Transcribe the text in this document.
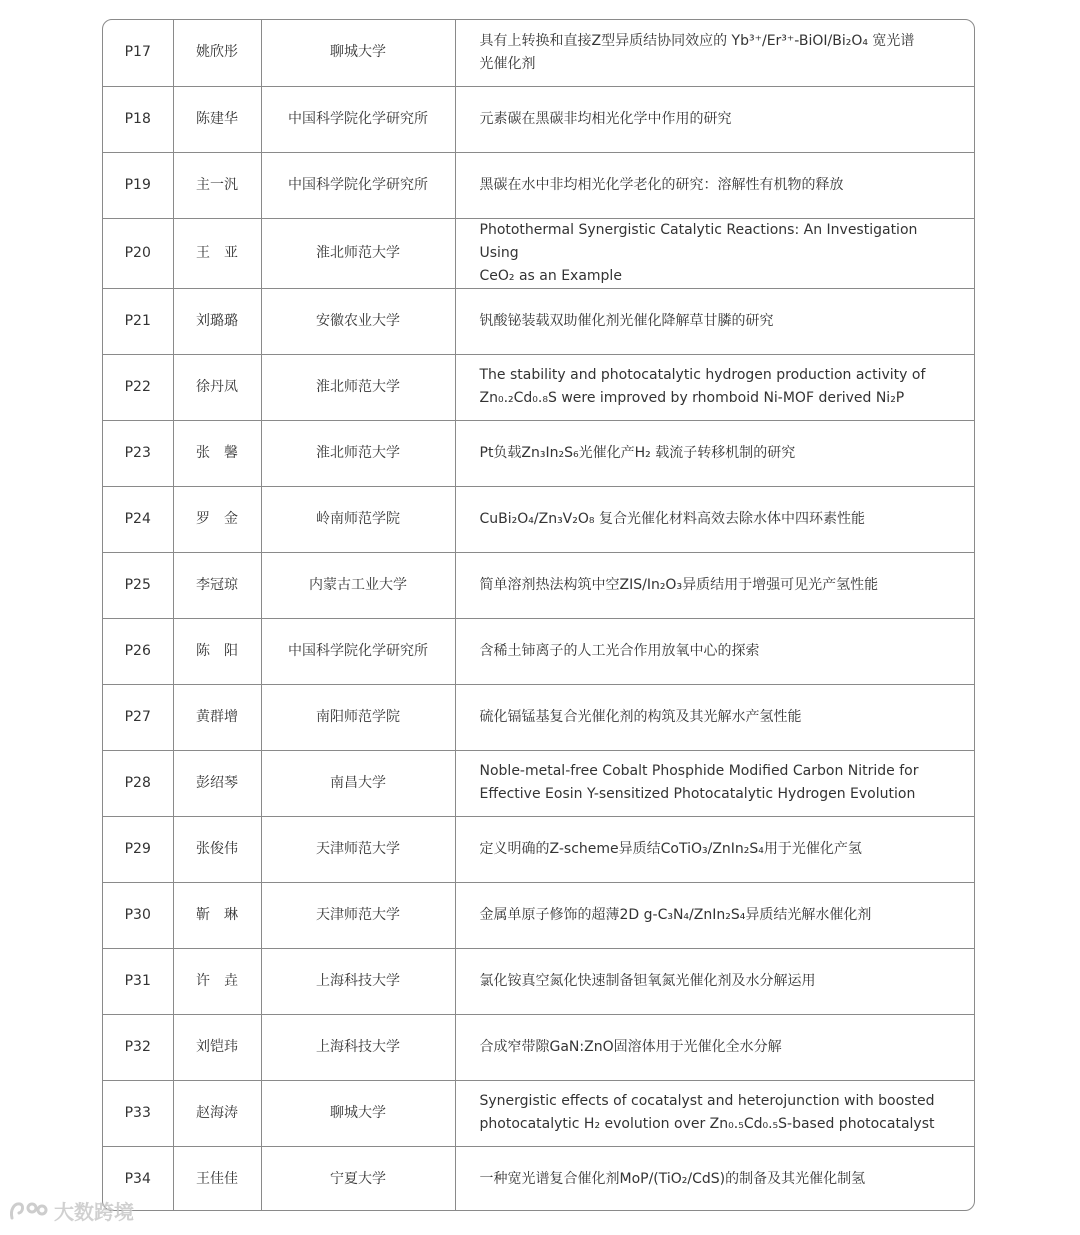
P17	姚欣彤	聊城大学	具有上转换和直接Z型异质结协同效应的 Yb³⁺/Er³⁺-BiOI/Bi₂O₄ 宽光谱
光催化剂

P18	陈建华	中国科学院化学研究所	元素碳在黑碳非均相光化学中作用的研究

P19	主一汎	中国科学院化学研究所	黑碳在水中非均相光化学老化的研究：溶解性有机物的释放

P20	王　亚	淮北师范大学	Photothermal Synergistic Catalytic Reactions: An Investigation Using
CeO₂ as an Example

P21	刘璐璐	安徽农业大学	钒酸铋装载双助催化剂光催化降解草甘膦的研究

P22	徐丹凤	淮北师范大学	The stability and photocatalytic hydrogen production activity of
Zn₀.₂Cd₀.₈S were improved by rhomboid Ni-MOF derived Ni₂P

P23	张　馨	淮北师范大学	Pt负载Zn₃In₂S₆光催化产H₂ 载流子转移机制的研究

P24	罗　金	岭南师范学院	CuBi₂O₄/Zn₃V₂O₈ 复合光催化材料高效去除水体中四环素性能

P25	李冠琼	内蒙古工业大学	简单溶剂热法构筑中空ZIS/In₂O₃异质结用于增强可见光产氢性能

P26	陈　阳	中国科学院化学研究所	含稀土铈离子的人工光合作用放氧中心的探索

P27	黄群增	南阳师范学院	硫化镉锰基复合光催化剂的构筑及其光解水产氢性能

P28	彭绍琴	南昌大学	Noble-metal-free Cobalt Phosphide Modified Carbon Nitride for
Effective Eosin Y-sensitized Photocatalytic Hydrogen Evolution

P29	张俊伟	天津师范大学	定义明确的Z-scheme异质结CoTiO₃/ZnIn₂S₄用于光催化产氢

P30	靳　琳	天津师范大学	金属单原子修饰的超薄2D g-C₃N₄/ZnIn₂S₄异质结光解水催化剂

P31	许　垚	上海科技大学	氯化铵真空氮化快速制备钽氧氮光催化剂及水分解运用

P32	刘铠玮	上海科技大学	合成窄带隙GaN:ZnO固溶体用于光催化全水分解

P33	赵海涛	聊城大学	Synergistic effects of cocatalyst and heterojunction with boosted
photocatalytic H₂ evolution over Zn₀.₅Cd₀.₅S-based photocatalyst

P34	王佳佳	宁夏大学	一种宽光谱复合催化剂MoP/(TiO₂/CdS)的制备及其光催化制氢
大数跨境
